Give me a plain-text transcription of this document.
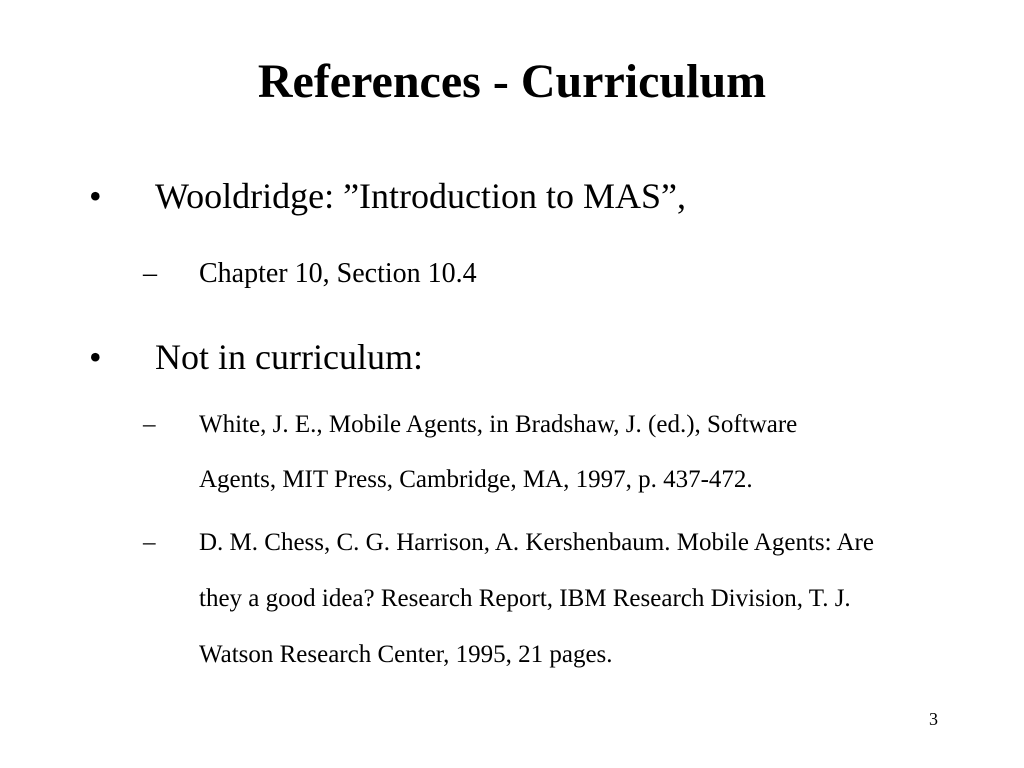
References - Curriculum
• Wooldridge: ”Introduction to MAS”,
– Chapter 10, Section 10.4
• Not in curriculum:
– White, J. E., Mobile Agents, in Bradshaw, J. (ed.), Software
Agents, MIT Press, Cambridge, MA, 1997, p. 437-472.
– D. M. Chess, C. G. Harrison, A. Kershenbaum. Mobile Agents: Are
they a good idea? Research Report, IBM Research Division, T. J.
Watson Research Center, 1995, 21 pages.
3
